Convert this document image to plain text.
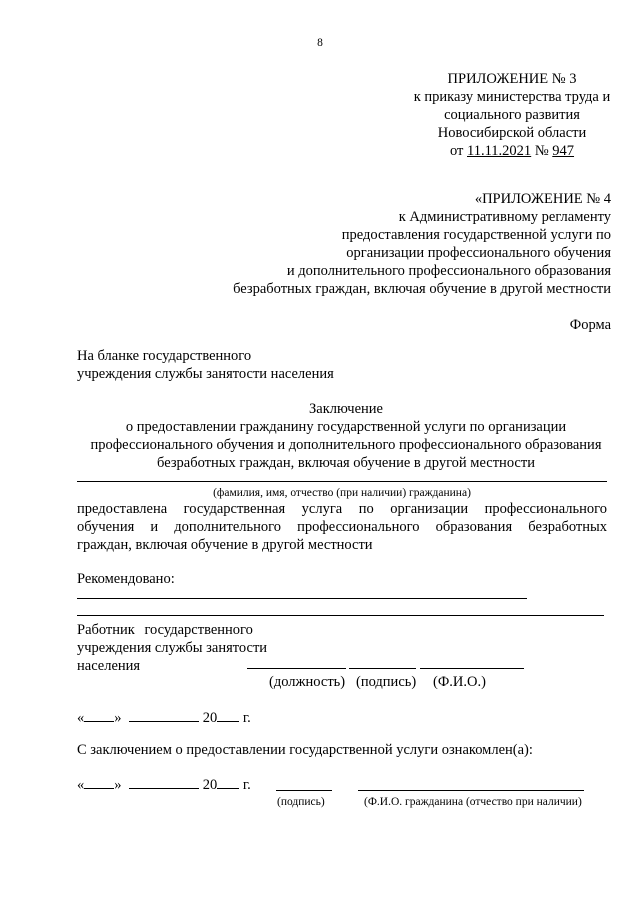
8
ПРИЛОЖЕНИЕ № 3
к приказу министерства труда и
социального развития
Новосибирской области
от 11.11.2021 № 947
«ПРИЛОЖЕНИЕ № 4
к Административному регламенту
предоставления государственной услуги по
организации профессионального обучения
и дополнительного профессионального образования
безработных граждан, включая обучение в другой местности
Форма
На бланке государственного
учреждения службы занятости населения
Заключение
о предоставлении гражданину государственной услуги по организации
профессионального обучения и дополнительного профессионального образования
безработных граждан, включая обучение в другой местности
(фамилия, имя, отчество (при наличии) гражданина)
предоставлена государственная услуга по организации профессионального
обучения и дополнительного профессионального образования безработных
граждан, включая обучение в другой местности
Рекомендовано:
Работник государственного
учреждения службы занятости
населения
(должность) (подпись) (Ф.И.О.)
« »	20 г.
С заключением о предоставлении государственной услуги ознакомлен(а):
« »	20 г.
(подпись)	(Ф.И.О. гражданина (отчество при наличии)
